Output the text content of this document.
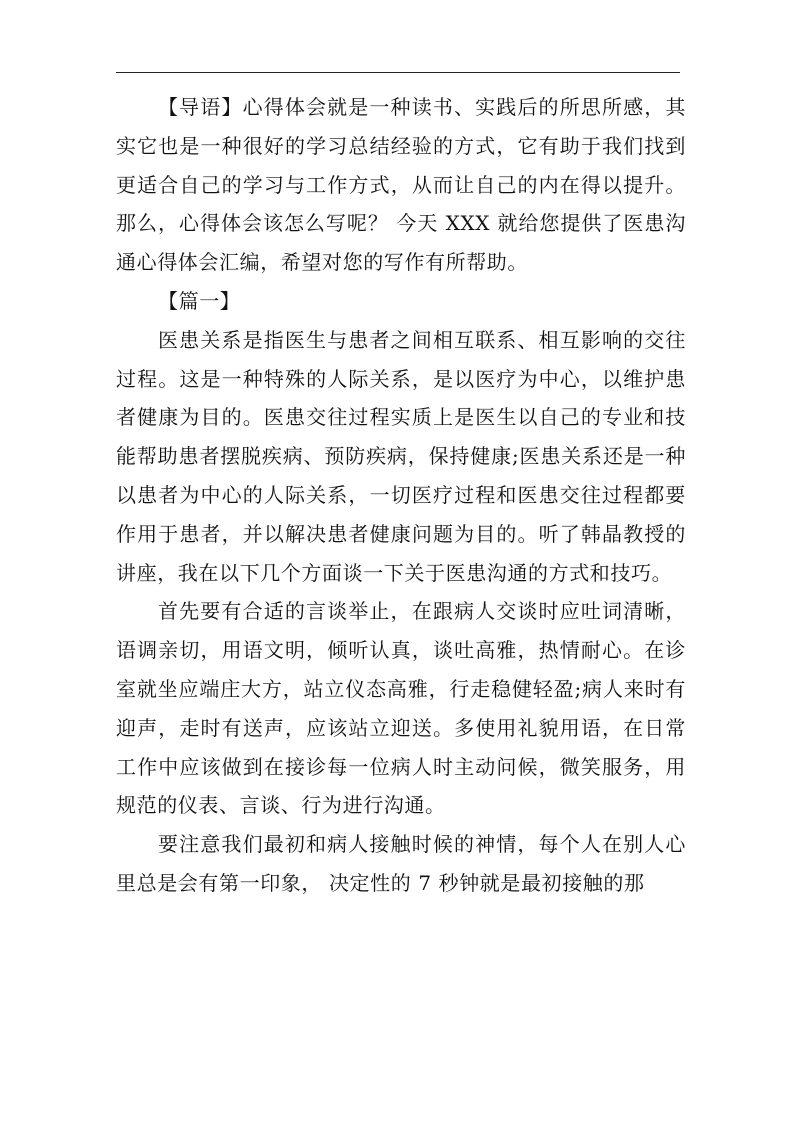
【导语】心得体会就是一种读书、实践后的所思所感，其实它也是一种很好的学习总结经验的方式，它有助于我们找到更适合自己的学习与工作方式，从而让自己的内在得以提升。那么，心得体会该怎么写呢？ 今天 XXX 就给您提供了医患沟通心得体会汇编，希望对您的写作有所帮助。

【篇一】

医患关系是指医生与患者之间相互联系、相互影响的交往过程。这是一种特殊的人际关系，是以医疗为中心，以维护患者健康为目的。医患交往过程实质上是医生以自己的专业和技能帮助患者摆脱疾病、预防疾病，保持健康;医患关系还是一种以患者为中心的人际关系，一切医疗过程和医患交往过程都要作用于患者，并以解决患者健康问题为目的。听了韩晶教授的讲座，我在以下几个方面谈一下关于医患沟通的方式和技巧。

首先要有合适的言谈举止，在跟病人交谈时应吐词清晰，语调亲切，用语文明，倾听认真，谈吐高雅，热情耐心。在诊室就坐应端庄大方，站立仪态高雅，行走稳健轻盈;病人来时有迎声，走时有送声，应该站立迎送。多使用礼貌用语，在日常工作中应该做到在接诊每一位病人时主动问候，微笑服务，用规范的仪表、言谈、行为进行沟通。

要注意我们最初和病人接触时候的神情，每个人在别人心里总是会有第一印象， 决定性的 7 秒钟就是最初接触的那
